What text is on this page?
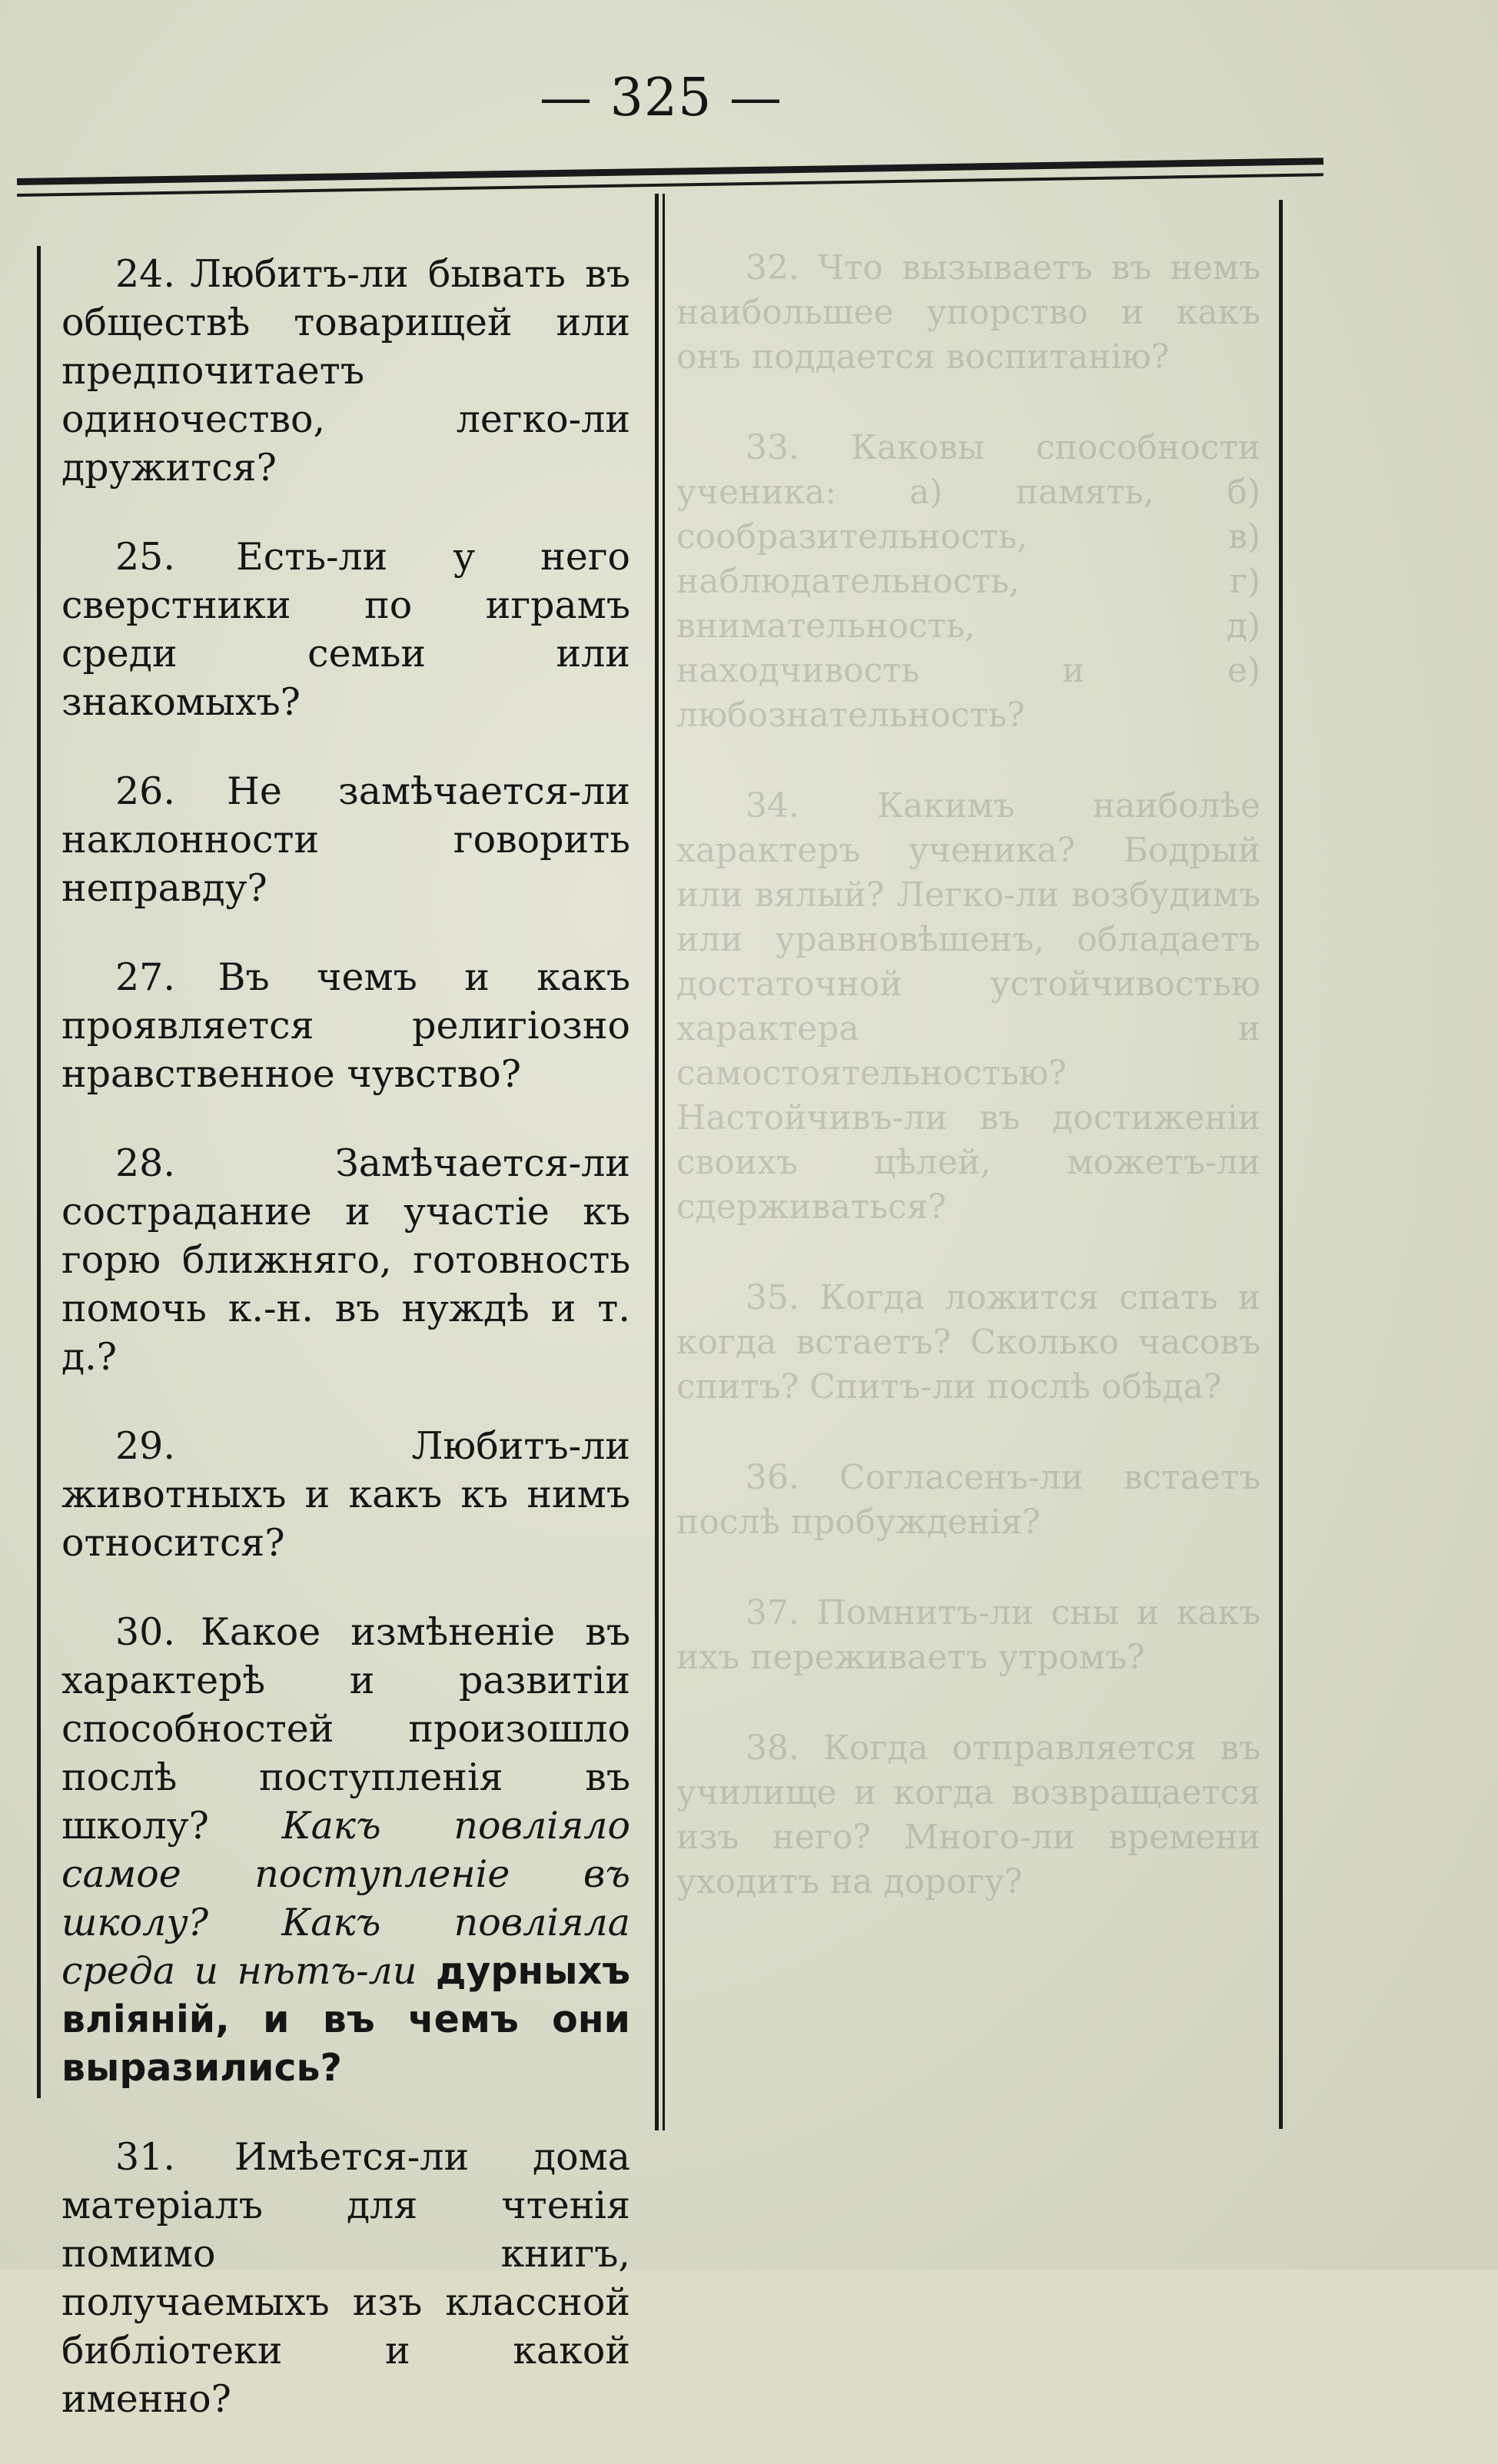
— 325 —

24. Любитъ-ли бывать въ обществѣ товарищей или предпочитаетъ одиночество, легко-ли дружится?

25. Есть-ли у него сверстники по играмъ среди семьи или знакомыхъ?

26. Не замѣчается-ли наклонности говорить неправду?

27. Въ чемъ и какъ проявляется религіозно нравственное чувство?

28.	Замѣчается-ли сострадание и участіе къ горю ближняго, готовность помочь к.-н. въ нуждѣ и т. д.?

29.	Любитъ-ли животныхъ и какъ къ нимъ относится?

30. Какое измѣненіе въ характерѣ и развитіи способностей произошло послѣ поступленія въ школу? Какъ повліяло самое поступленіе въ школу? Какъ повліяла среда и нѣтъ-ли дурныхъ вліяній, и въ чемъ они выразились?

31. Имѣется-ли дома матеріалъ для чтенія помимо книгъ, получаемыхъ изъ классной библіотеки и какой именно?

32. Что вызываетъ въ немъ наибольшее упорство и какъ онъ поддается воспитанію?

33. Каковы способности ученика: а) память, б) сообразительность, в) наблюдательность, г) внимательность, д) находчивость и е) любознательность?

34. Какимъ наиболѣе характеръ ученика? Бодрый или вялый? Легко-ли возбудимъ или уравновѣшенъ, обладаетъ достаточной устойчивостью характера и самостоятельностью? Настойчивъ-ли въ достиженіи своихъ цѣлей, можетъ-ли сдерживаться?

35. Когда ложится спать и когда встаетъ? Сколько часовъ спитъ? Спитъ-ли послѣ обѣда?

36. Согласенъ-ли встаетъ послѣ пробужденія?

37. Помнитъ-ли сны и какъ ихъ переживаетъ утромъ?

38. Когда отправляется въ училище и когда возвращается изъ него? Много-ли времени уходитъ на дорогу?
